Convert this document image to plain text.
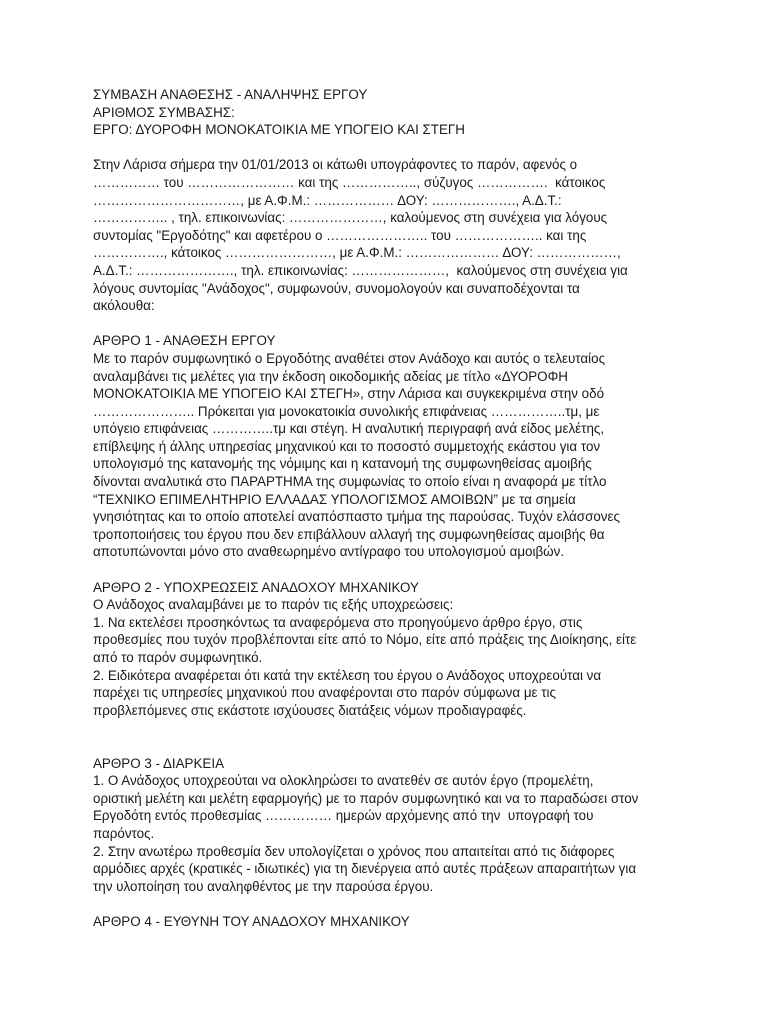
ΣΥΜΒΑΣΗ ΑΝΑΘΕΣΗΣ - ΑΝΑΛΗΨΗΣ ΕΡΓΟΥ
ΑΡΙΘΜΟΣ ΣΥΜΒΑΣΗΣ:
ΕΡΓΟ: ΔΥΟΡΟΦΗ ΜΟΝΟΚΑΤΟΙΚΙΑ ΜΕ ΥΠΟΓΕΙΟ ΚΑΙ ΣΤΕΓΗ
Στην Λάρισα σήμερα την 01/01/2013 οι κάτωθι υπογράφοντες το παρόν, αφενός ο
…………… του …………………… και της …………….., σύζυγος …………….  κάτοικος
……………………………, με Α.Φ.Μ.: ……………… ΔΟΥ: ………………., Α.Δ.Τ.:
…………….. , τηλ. επικοινωνίας: …………………, καλούμενος στη συνέχεια για λόγους
συντομίας "Εργοδότης" και αφετέρου ο ………………….. του ……………….. και της
……………., κάτοικος ……………………, με Α.Φ.Μ.: ………………… ΔΟΥ: ………………,
Α.Δ.Τ.: …………………., τηλ. επικοινωνίας: …………………,  καλούμενος στη συνέχεια για
λόγους συντομίας "Ανάδοχος", συμφωνούν, συνομολογούν και συναποδέχονται τα
ακόλουθα:
ΑΡΘΡΟ 1 - ΑΝΑΘΕΣΗ ΕΡΓΟΥ
Με το παρόν συμφωνητικό ο Εργοδότης αναθέτει στον Ανάδοχο και αυτός ο τελευταίος
αναλαμβάνει τις μελέτες για την έκδοση οικοδομικής αδείας με τίτλο «ΔΥΟΡΟΦΗ
ΜΟΝΟΚΑΤΟΙΚΙΑ ΜΕ ΥΠΟΓΕΙΟ ΚΑΙ ΣΤΕΓΗ», στην Λάρισα και συγκεκριμένα στην οδό
………………….. Πρόκειται για μονοκατοικία συνολικής επιφάνειας ……………..τμ, με
υπόγειο επιφάνειας …………..τμ και στέγη. Η αναλυτική περιγραφή ανά είδος μελέτης,
επίβλεψης ή άλλης υπηρεσίας μηχανικού και το ποσοστό συμμετοχής εκάστου για τον
υπολογισμό της κατανομής της νόμιμης και η κατανομή της συμφωνηθείσας αμοιβής
δίνονται αναλυτικά στο ΠΑΡΑΡΤΗΜΑ της συμφωνίας το οποίο είναι η αναφορά με τίτλο
“ΤΕΧΝΙΚΟ ΕΠΙΜΕΛΗΤΗΡΙΟ ΕΛΛΑΔΑΣ ΥΠΟΛΟΓΙΣΜΟΣ ΑΜΟΙΒΩΝ” με τα σημεία
γνησιότητας και το οποίο αποτελεί αναπόσπαστο τμήμα της παρούσας. Τυχόν ελάσσονες
τροποποιήσεις του έργου που δεν επιβάλλουν αλλαγή της συμφωνηθείσας αμοιβής θα
αποτυπώνονται μόνο στο αναθεωρημένο αντίγραφο του υπολογισμού αμοιβών.
ΑΡΘΡΟ 2 - ΥΠΟΧΡΕΩΣΕΙΣ ΑΝΑΔΟΧΟΥ ΜΗΧΑΝΙΚΟΥ
Ο Ανάδοχος αναλαμβάνει με το παρόν τις εξής υποχρεώσεις:
1. Να εκτελέσει προσηκόντως τα αναφερόμενα στο προηγούμενο άρθρο έργο, στις
προθεσμίες που τυχόν προβλέπονται είτε από το Νόμο, είτε από πράξεις της Διοίκησης, είτε
από το παρόν συμφωνητικό.
2. Ειδικότερα αναφέρεται ότι κατά την εκτέλεση του έργου ο Ανάδοχος υποχρεούται να
παρέχει τις υπηρεσίες μηχανικού που αναφέρονται στο παρόν σύμφωνα με τις
προβλεπόμενες στις εκάστοτε ισχύουσες διατάξεις νόμων προδιαγραφές.
ΑΡΘΡΟ 3 - ΔΙΑΡΚΕΙΑ
1. Ο Ανάδοχος υποχρεούται να ολοκληρώσει το ανατεθέν σε αυτόν έργο (προμελέτη,
οριστική μελέτη και μελέτη εφαρμογής) με το παρόν συμφωνητικό και να το παραδώσει στον
Εργοδότη εντός προθεσμίας …………… ημερών αρχόμενης από την  υπογραφή του
παρόντος.
2. Στην ανωτέρω προθεσμία δεν υπολογίζεται ο χρόνος που απαιτείται από τις διάφορες
αρμόδιες αρχές (κρατικές - ιδιωτικές) για τη διενέργεια από αυτές πράξεων απαραιτήτων για
την υλοποίηση του αναληφθέντος με την παρούσα έργου.
ΑΡΘΡΟ 4 - ΕΥΘΥΝΗ ΤΟΥ ΑΝΑΔΟΧΟΥ ΜΗΧΑΝΙΚΟΥ
